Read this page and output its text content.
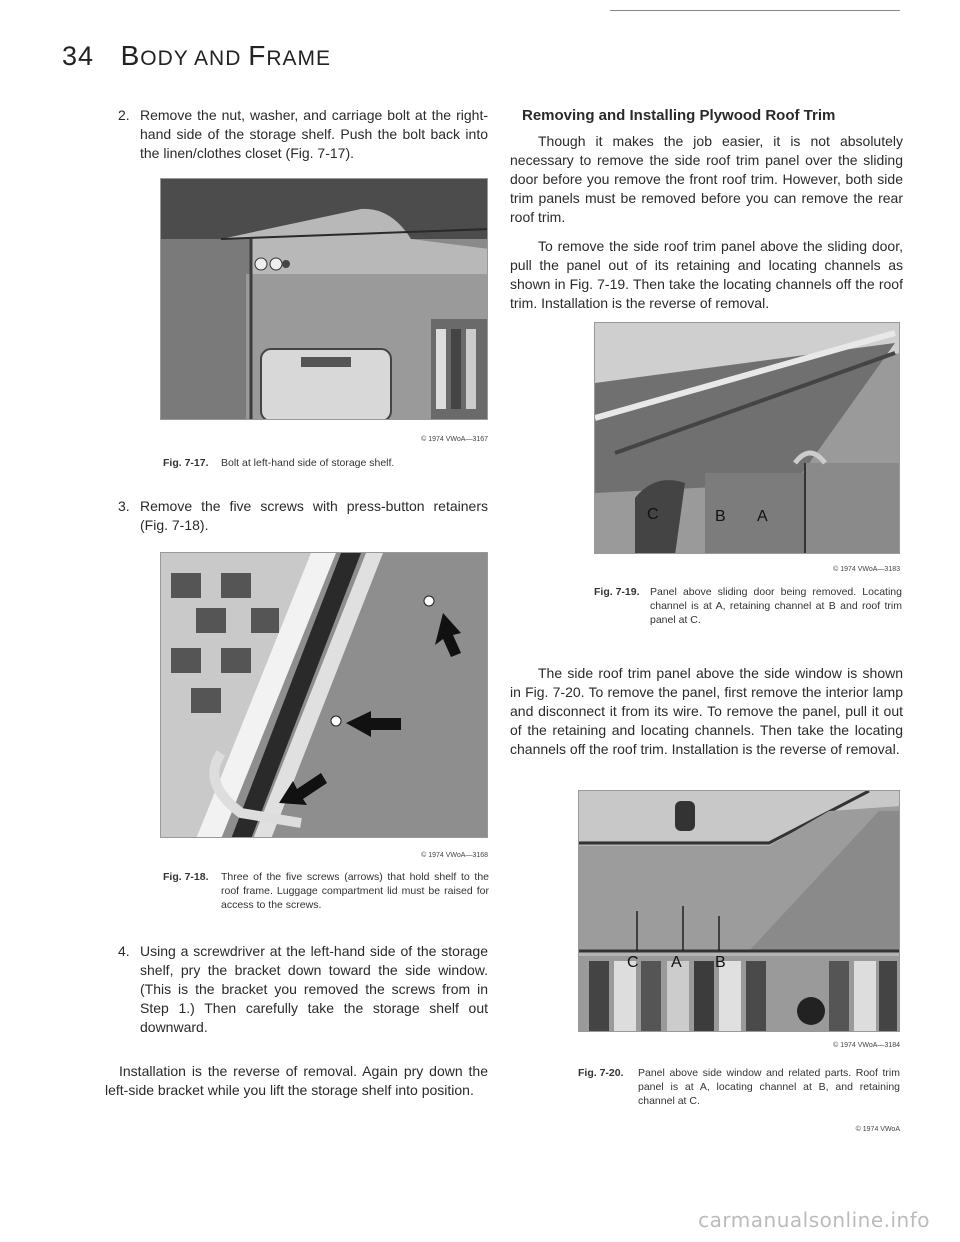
34 BODY AND FRAME
2. Remove the nut, washer, and carriage bolt at the right-hand side of the storage shelf. Push the bolt back into the linen/clothes closet (Fig. 7-17).
© 1974 VWoA—3167
Fig. 7-17. Bolt at left-hand side of storage shelf.
3. Remove the five screws with press-button retainers (Fig. 7-18).
© 1974 VWoA—3168
Fig. 7-18. Three of the five screws (arrows) that hold shelf to the roof frame. Luggage compartment lid must be raised for access to the screws.
4. Using a screwdriver at the left-hand side of the storage shelf, pry the bracket down toward the side window. (This is the bracket you removed the screws from in Step 1.) Then carefully take the storage shelf out downward.
Installation is the reverse of removal. Again pry down the left-side bracket while you lift the storage shelf into position.
Removing and Installing Plywood Roof Trim
Though it makes the job easier, it is not absolutely necessary to remove the side roof trim panel over the sliding door before you remove the front roof trim. However, both side trim panels must be removed before you can remove the rear roof trim.
To remove the side roof trim panel above the sliding door, pull the panel out of its retaining and locating channels as shown in Fig. 7-19. Then take the locating channels off the roof trim. Installation is the reverse of removal.
C	B A
© 1974 VWoA—3183
Fig. 7-19. Panel above sliding door being removed. Locating channel is at A, retaining channel at B and roof trim panel at C.
The side roof trim panel above the side window is shown in Fig. 7-20. To remove the panel, first remove the interior lamp and disconnect it from its wire. To remove the panel, pull it out of the retaining and locating channels. Then take the locating channels off the roof trim. Installation is the reverse of removal.
C A B
© 1974 VWoA—3184
Fig. 7-20. Panel above side window and related parts. Roof trim panel is at A, locating channel at B, and retaining channel at C.
© 1974 VWoA
carmanualsonline.info
